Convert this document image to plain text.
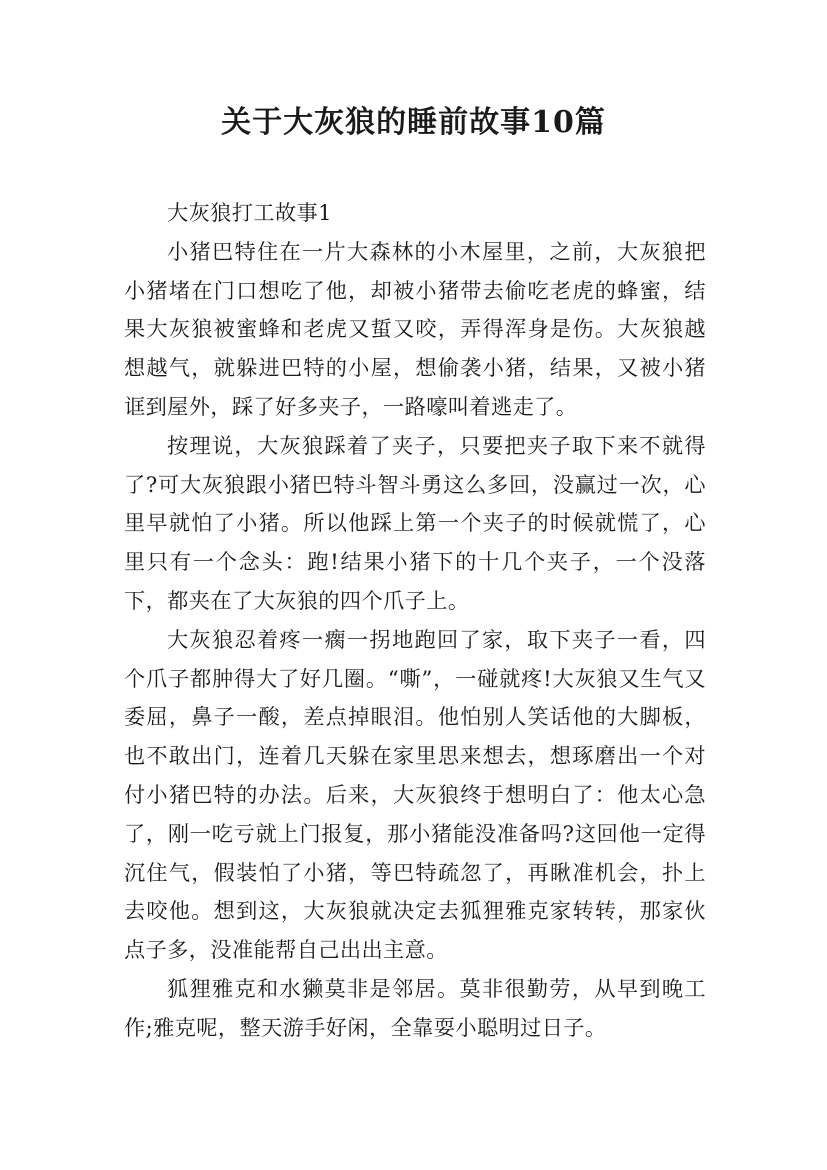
关于大灰狼的睡前故事10篇

大灰狼打工故事1

小猪巴特住在一片大森林的小木屋里，之前，大灰狼把小猪堵在门口想吃了他，却被小猪带去偷吃老虎的蜂蜜，结果大灰狼被蜜蜂和老虎又蜇又咬，弄得浑身是伤。大灰狼越想越气，就躲进巴特的小屋，想偷袭小猪，结果，又被小猪诓到屋外，踩了好多夹子，一路嚎叫着逃走了。

按理说，大灰狼踩着了夹子，只要把夹子取下来不就得了?可大灰狼跟小猪巴特斗智斗勇这么多回，没赢过一次，心里早就怕了小猪。所以他踩上第一个夹子的时候就慌了，心里只有一个念头：跑!结果小猪下的十几个夹子，一个没落下，都夹在了大灰狼的四个爪子上。

大灰狼忍着疼一瘸一拐地跑回了家，取下夹子一看，四个爪子都肿得大了好几圈。“嘶”，一碰就疼!大灰狼又生气又委屈，鼻子一酸，差点掉眼泪。他怕别人笑话他的大脚板，也不敢出门，连着几天躲在家里思来想去，想琢磨出一个对付小猪巴特的办法。后来，大灰狼终于想明白了：他太心急了，刚一吃亏就上门报复，那小猪能没准备吗?这回他一定得沉住气，假装怕了小猪，等巴特疏忽了，再瞅准机会，扑上去咬他。想到这，大灰狼就决定去狐狸雅克家转转，那家伙点子多，没准能帮自己出出主意。

狐狸雅克和水獭莫非是邻居。莫非很勤劳，从早到晚工作;雅克呢，整天游手好闲，全靠耍小聪明过日子。
